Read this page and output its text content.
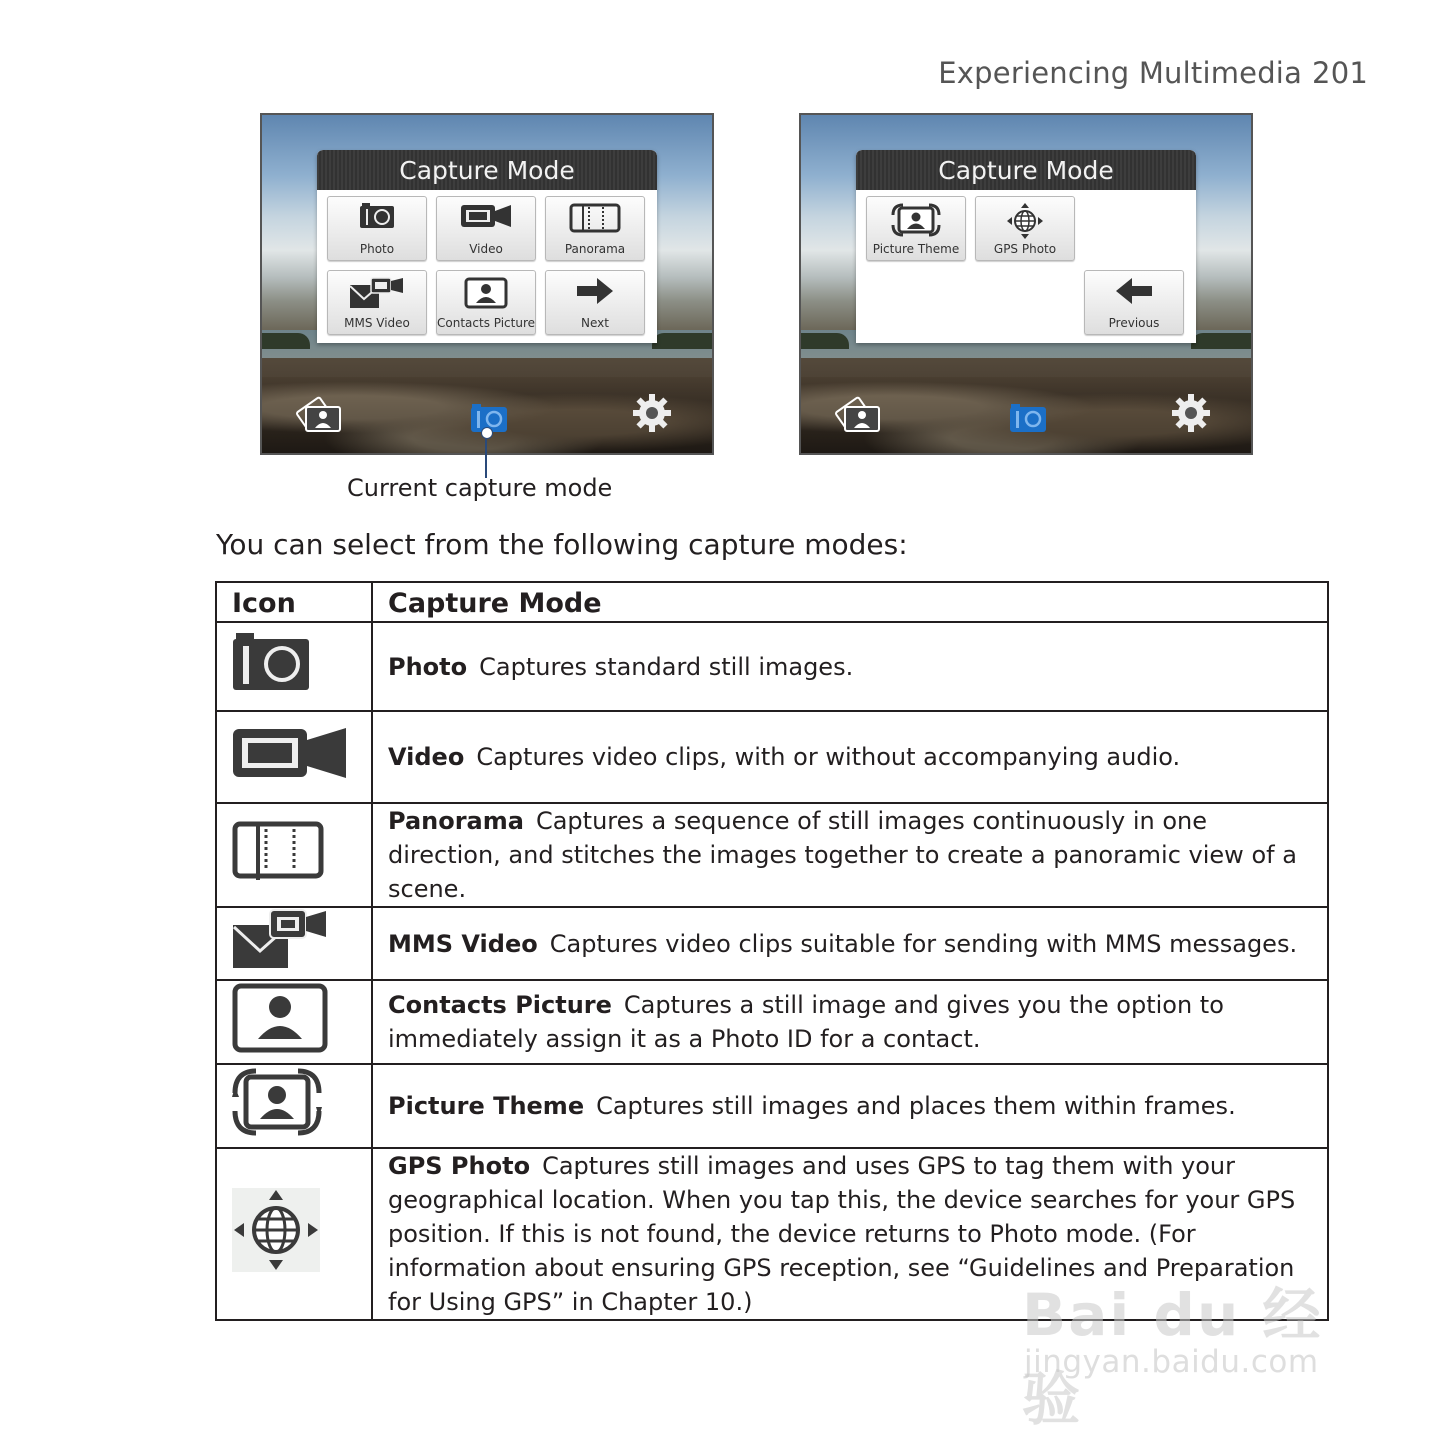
Experiencing Multimedia 201
Capture Mode
Photo	Video	Panorama
MMS Video	Contacts Picture	Next
Capture Mode
Picture Theme	GPS Photo
Previous
Current capture mode
You can select from the following capture modes:
Icon	Capture Mode
	Photo Captures standard still images.
	Video Captures video clips, with or without accompanying audio.
	Panorama Captures a sequence of still images continuously in one direction, and stitches the images together to create a panoramic view of a scene.
	MMS Video Captures video clips suitable for sending with MMS messages.
	Contacts Picture Captures a still image and gives you the option to immediately assign it as a Photo ID for a contact.
	Picture Theme Captures still images and places them within frames.
	GPS Photo Captures still images and uses GPS to tag them with your geographical location. When you tap this, the device searches for your GPS position. If this is not found, the device returns to Photo mode. (For information about ensuring GPS reception, see “Guidelines and Preparation for Using GPS” in Chapter 10.)	Bai du 经验
jingyan.baidu.com
